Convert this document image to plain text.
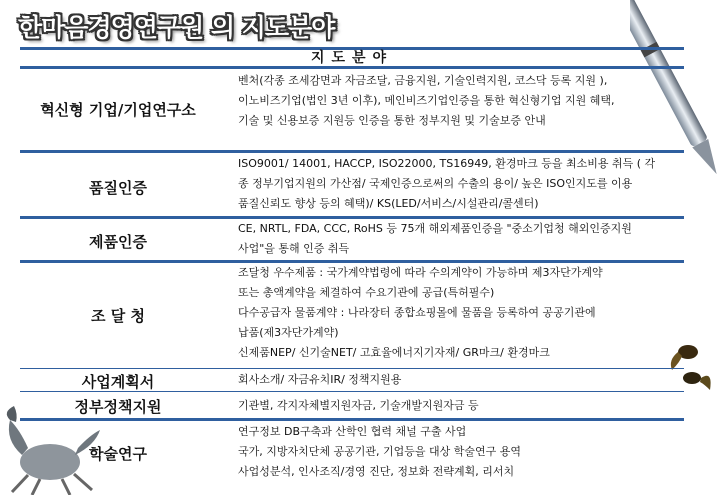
한마음경영연구원 의 지도분야
지도분야
혁신형 기업/기업연구소
벤처(각종 조세감면과 자금조달, 금융지원, 기술인력지원, 코스닥 등록 지원 ),
이노비즈기업(법인 3년 이후), 메인비즈기업인증을 통한 혁신형기업 지원 혜택,
기술 및 신용보증 지원등 인증을 통한 정부지원 및 기술보증 안내
품질인증
ISO9001/ 14001, HACCP, ISO22000, TS16949, 환경마크 등을 최소비용 취득 ( 각
종 정부기업지원의 가산점/ 국제인증으로써의 수출의 용이/ 높은 ISO인지도를 이용
품질신뢰도 향상 등의 혜택)/ KS(LED/서비스/시설관리/콜센터)
제품인증
CE, NRTL, FDA, CCC, RoHS 등 75개 해외제품인증을 "중소기업청 해외인증지원
사업"을 통해 인증 취득
조 달 청
조달청 우수제품 : 국가계약법령에 따라 수의계약이 가능하며 제3자단가계약
또는 총액계약을 체결하여 수요기관에 공급(특허필수)
다수공급자 물품계약 : 나라장터 종합쇼핑몰에 물품을 등록하여 공공기관에
납품(제3자단가계약)
신제품NEP/ 신기술NET/ 고효율에너지기자재/ GR마크/ 환경마크
사업계획서	회사소개/ 자금유치IR/ 정책지원용
정부정책지원	기관별, 각지자체별지원자금, 기술개발지원자금 등
학술연구
연구정보 DB구축과 산학인 협력 채널 구출 사업
국가, 지방자치단체 공공기관, 기업등을 대상 학술연구 용역
사업성분석, 인사조직/경영 진단, 정보화 전략계획, 리서치
